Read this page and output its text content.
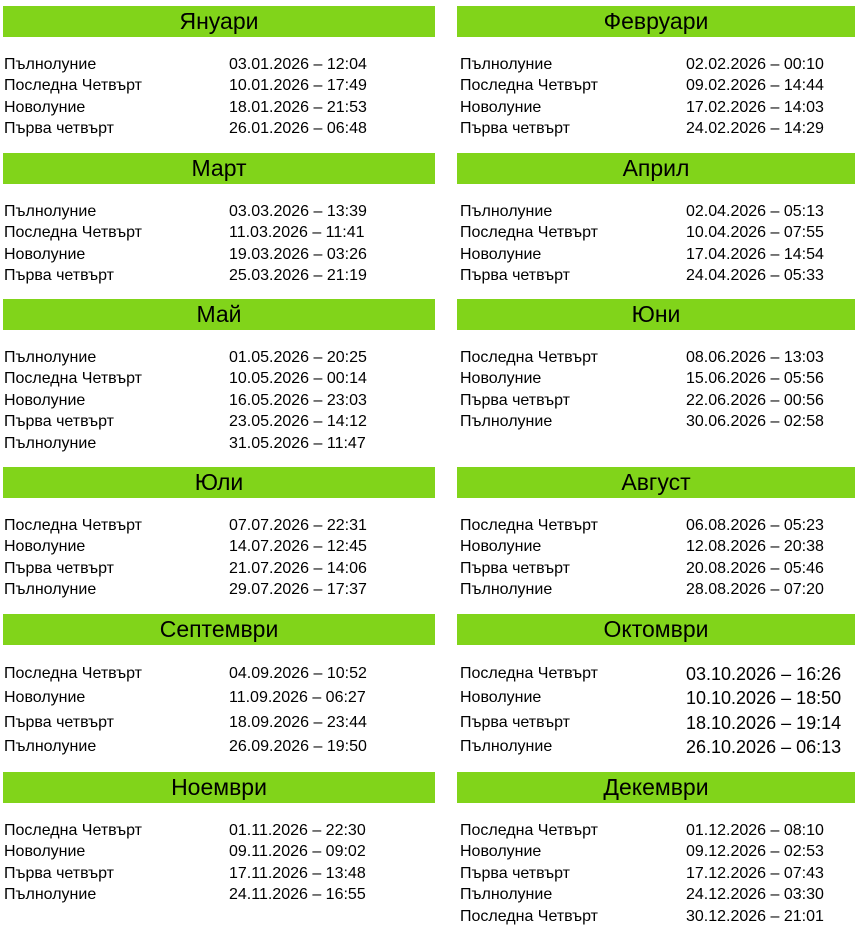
Януари
Пълнолуние	03.01.2026 – 12:04
Последна Четвърт	10.01.2026 – 17:49
Новолуние	18.01.2026 – 21:53
Първа четвърт	26.01.2026 – 06:48
Февруари
Пълнолуние	02.02.2026 – 00:10
Последна Четвърт	09.02.2026 – 14:44
Новолуние	17.02.2026 – 14:03
Първа четвърт	24.02.2026 – 14:29
Март
Пълнолуние	03.03.2026 – 13:39
Последна Четвърт	11.03.2026 – 11:41
Новолуние	19.03.2026 – 03:26
Първа четвърт	25.03.2026 – 21:19
Април
Пълнолуние	02.04.2026 – 05:13
Последна Четвърт	10.04.2026 – 07:55
Новолуние	17.04.2026 – 14:54
Първа четвърт	24.04.2026 – 05:33
Май
Пълнолуние	01.05.2026 – 20:25
Последна Четвърт	10.05.2026 – 00:14
Новолуние	16.05.2026 – 23:03
Първа четвърт	23.05.2026 – 14:12
Пълнолуние	31.05.2026 – 11:47
Юни
Последна Четвърт	08.06.2026 – 13:03
Новолуние	15.06.2026 – 05:56
Първа четвърт	22.06.2026 – 00:56
Пълнолуние	30.06.2026 – 02:58
Юли
Последна Четвърт	07.07.2026 – 22:31
Новолуние	14.07.2026 – 12:45
Първа четвърт	21.07.2026 – 14:06
Пълнолуние	29.07.2026 – 17:37
Август
Последна Четвърт	06.08.2026 – 05:23
Новолуние	12.08.2026 – 20:38
Първа четвърт	20.08.2026 – 05:46
Пълнолуние	28.08.2026 – 07:20
Септември
Последна Четвърт	04.09.2026 – 10:52
Новолуние	11.09.2026 – 06:27
Първа четвърт	18.09.2026 – 23:44
Пълнолуние	26.09.2026 – 19:50
Октомври
Последна Четвърт	03.10.2026 – 16:26
Новолуние	10.10.2026 – 18:50
Първа четвърт	18.10.2026 – 19:14
Пълнолуние	26.10.2026 – 06:13
Ноември
Последна Четвърт	01.11.2026 – 22:30
Новолуние	09.11.2026 – 09:02
Първа четвърт	17.11.2026 – 13:48
Пълнолуние	24.11.2026 – 16:55
Декември
Последна Четвърт	01.12.2026 – 08:10
Новолуние	09.12.2026 – 02:53
Първа четвърт	17.12.2026 – 07:43
Пълнолуние	24.12.2026 – 03:30
Последна Четвърт	30.12.2026 – 21:01
